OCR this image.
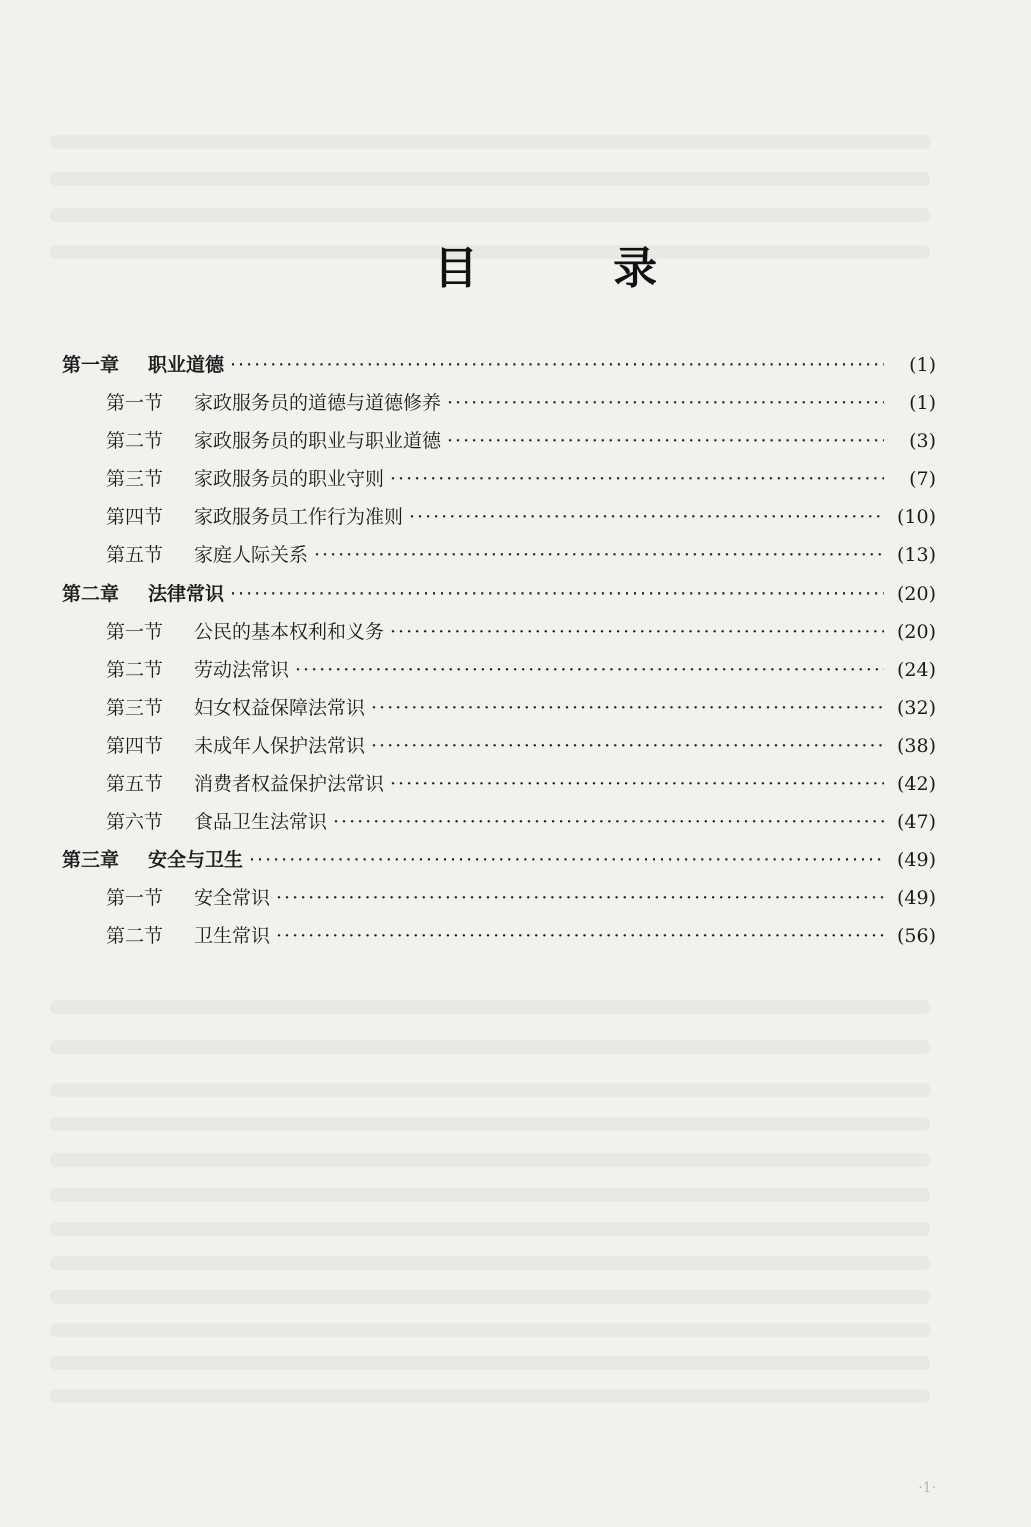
目 录
第一章	职业道德 ·····	(1)
第一节	家政服务员的道德与道德修养 ·····	(1)
第二节	家政服务员的职业与职业道德 ·····	(3)
第三节	家政服务员的职业守则 ·····	(7)
第四节	家政服务员工作行为准则 ·····	(10)
第五节	家庭人际关系 ·····	(13)
第二章	法律常识 ·····	(20)
第一节	公民的基本权利和义务 ·····	(20)
第二节	劳动法常识 ·····	(24)
第三节	妇女权益保障法常识 ·····	(32)
第四节	未成年人保护法常识 ·····	(38)
第五节	消费者权益保护法常识 ·····	(42)
第六节	食品卫生法常识 ·····	(47)
第三章	安全与卫生 ·····	(49)
第一节	安全常识 ·····	(49)
第二节	卫生常识 ·····	(56)
·1·
